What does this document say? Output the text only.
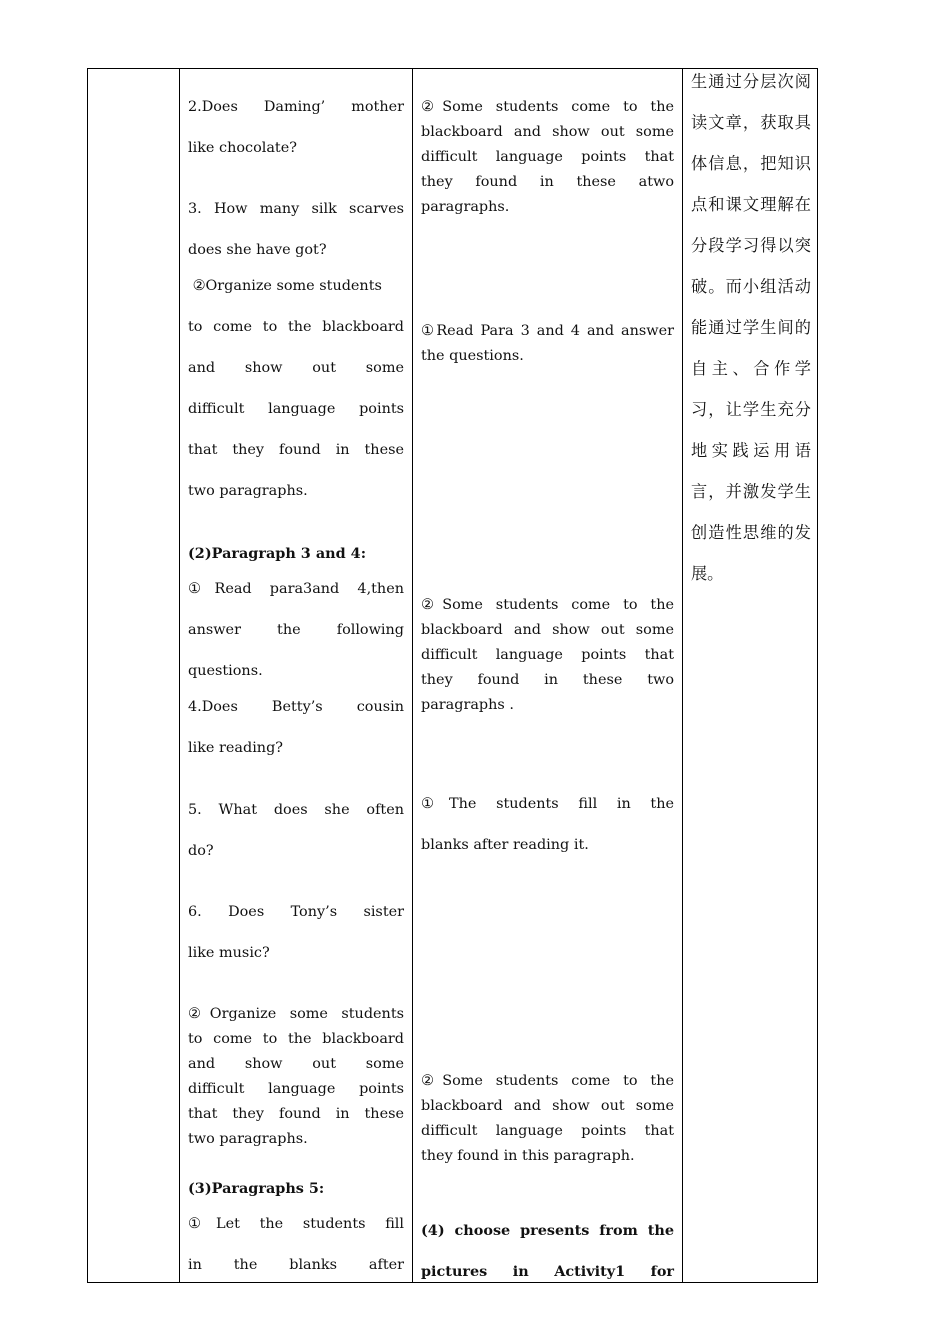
2.Does Daming’ mother
like chocolate?
3. How many silk scarves
does she have got?
②Organize some students
to come to the blackboard
and show out some
difficult language points
that they found in these
two paragraphs.
(2)Paragraph 3 and 4:
①Read para3and 4,then
answer the following
questions.
4.Does Betty’s cousin
like reading?
5. What does she often
do?
6. Does Tony’s sister
like music?
②Organize some students
to come to the blackboard
and show out some
difficult language points
that they found in these
two paragraphs.
(3)Paragraphs 5:
①Let the students fill
in the blanks after
②Some students come to the
blackboard and show out some
difficult language points that
they found in these atwo
paragraphs.
①Read Para 3 and 4 and answer
the questions.
②Some students come to the
blackboard and show out some
difficult language points that
they found in these two
paragraphs .
①The students fill in the
blanks after reading it.
②Some students come to the
blackboard and show out some
difficult language points that
they found in this paragraph.
(4) choose presents from the
pictures in Activity1 for
生通过分层次阅
读文章，获取具
体信息，把知识
点和课文理解在
分段学习得以突
破。而小组活动
能通过学生间的
自主、合作学
习，让学生充分
地实践运用语
言，并激发学生
创造性思维的发
展。
